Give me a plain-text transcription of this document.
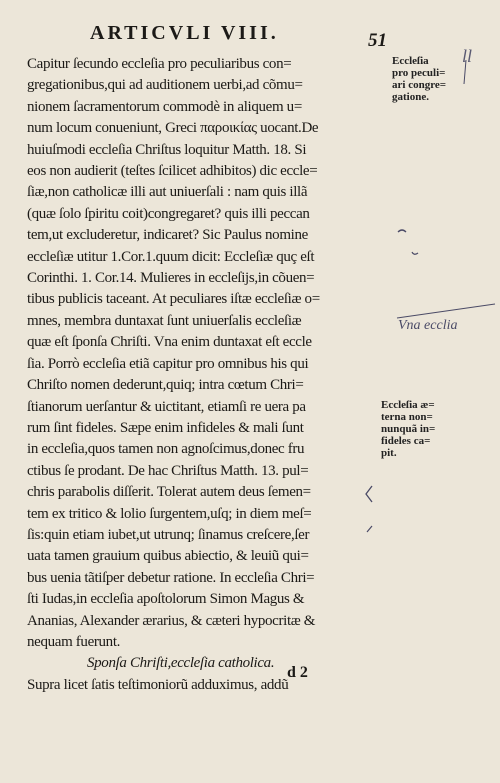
ARTICVLI VIII.	51
ll
Capitur ſecundo eccleſia pro peculiaribus con=
gregationibus,qui ad auditionem uerbi,ad cõmu=
nionem ſacramentorum commodè in aliquem u=
num locum conueniunt, Greci παροικίας uocant.De
huiuſmodi eccleſia Chriſtus loquitur Matth. 18. Si
eos non audierit (teſtes ſcilicet adhibitos) dic eccle=
ſiæ,non catholicæ illi aut uniuerſali : nam quis illã
(quæ ſolo ſpiritu coit)congregaret? quis illi peccan
tem,ut excluderetur, indicaret? Sic Paulus nomine
eccleſiæ utitur 1.Cor.1.quum dicit: Eccleſiæ quç eſt
Corinthi. 1. Cor.14. Mulieres in eccleſijs,in cõuen=
tibus publicis taceant. At peculiares iſtæ eccleſiæ o=
mnes, membra duntaxat ſunt uniuerſalis eccleſiæ
quæ eſt ſponſa Chriſti. Vna enim duntaxat eſt eccle
ſia. Porrò eccleſia etiã capitur pro omnibus his qui
Chriſto nomen dederunt,quiq; intra cœtum Chri=
ſtianorum uerſantur & uictitant, etiamſi re uera pa
rum ſint fideles. Sæpe enim infideles & mali ſunt
in eccleſia,quos tamen non agnoſcimus,donec fru
ctibus ſe prodant. De hac Chriſtus Matth. 13. pul=
chris parabolis diſſerit. Tolerat autem deus ſemen=
tem ex tritico & lolio ſurgentem,uſq; in diem meſ=
ſis:quin etiam iubet,ut utrunq; ſinamus creſcere,ſer
uata tamen grauium quibus abiectio, & leuiũ qui=
bus uenia tãtiſper debetur ratione. In eccleſia Chri=
ſti Iudas,in eccleſia apoſtolorum Simon Magus &
Ananias, Alexander ærarius, & cæteri hypocritæ &
nequam fuerunt.
Sponſa Chriſti,eccleſia catholica.
Supra licet ſatis teſtimoniorũ adduximus, addũ
Eccleſia
pro peculi=
ari congre=
gatione.
Vna ecclia
Eccleſia æ=
terna non=
nunquã in=
fideles ca=
pit.
d 2
